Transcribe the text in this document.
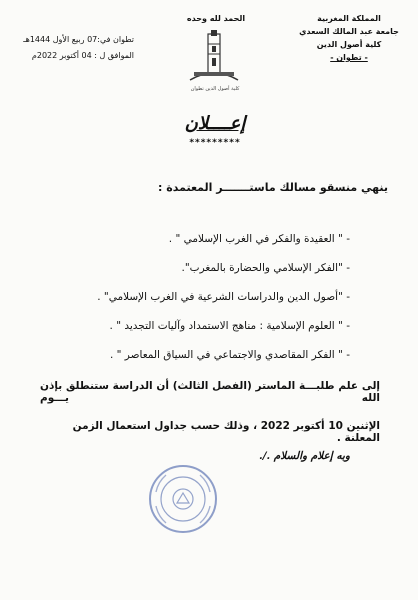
المملكة المغربية
جامعة عبد المالك السعدي
كلية أصول الدين
- تطوان -
الحمد لله وحده
كلية أصول الدين تطوان
تطوان في:07 ربيع الأول 1444هـ
الموافق ل : 04 أكتوبر 2022م
إعــــلان
*********
ينهي منسقو مسالك ماستـــــــر المعتمدة :
- " العقيدة والفكر في الغرب الإسلامي " .
- "الفكر الإسلامي والحضارة بالمغرب".
- "أصول الدين والدراسات الشرعية في الغرب الإسلامي" .
- " العلوم الإسلامية : مناهج الاستمداد وآليات التجديد " .
- " الفكر المقاصدي والاجتماعي في السياق المعاصر " .
إلى علم طلبـــة الماستر (الفصل الثالث) أن الدراسة ستنطلق بإذن الله يـــوم
الإثنين 10 أكتوبر 2022 ، وذلك حسب جداول استعمال الزمن المعلنة .
وبه إعلام والسلام ./.
